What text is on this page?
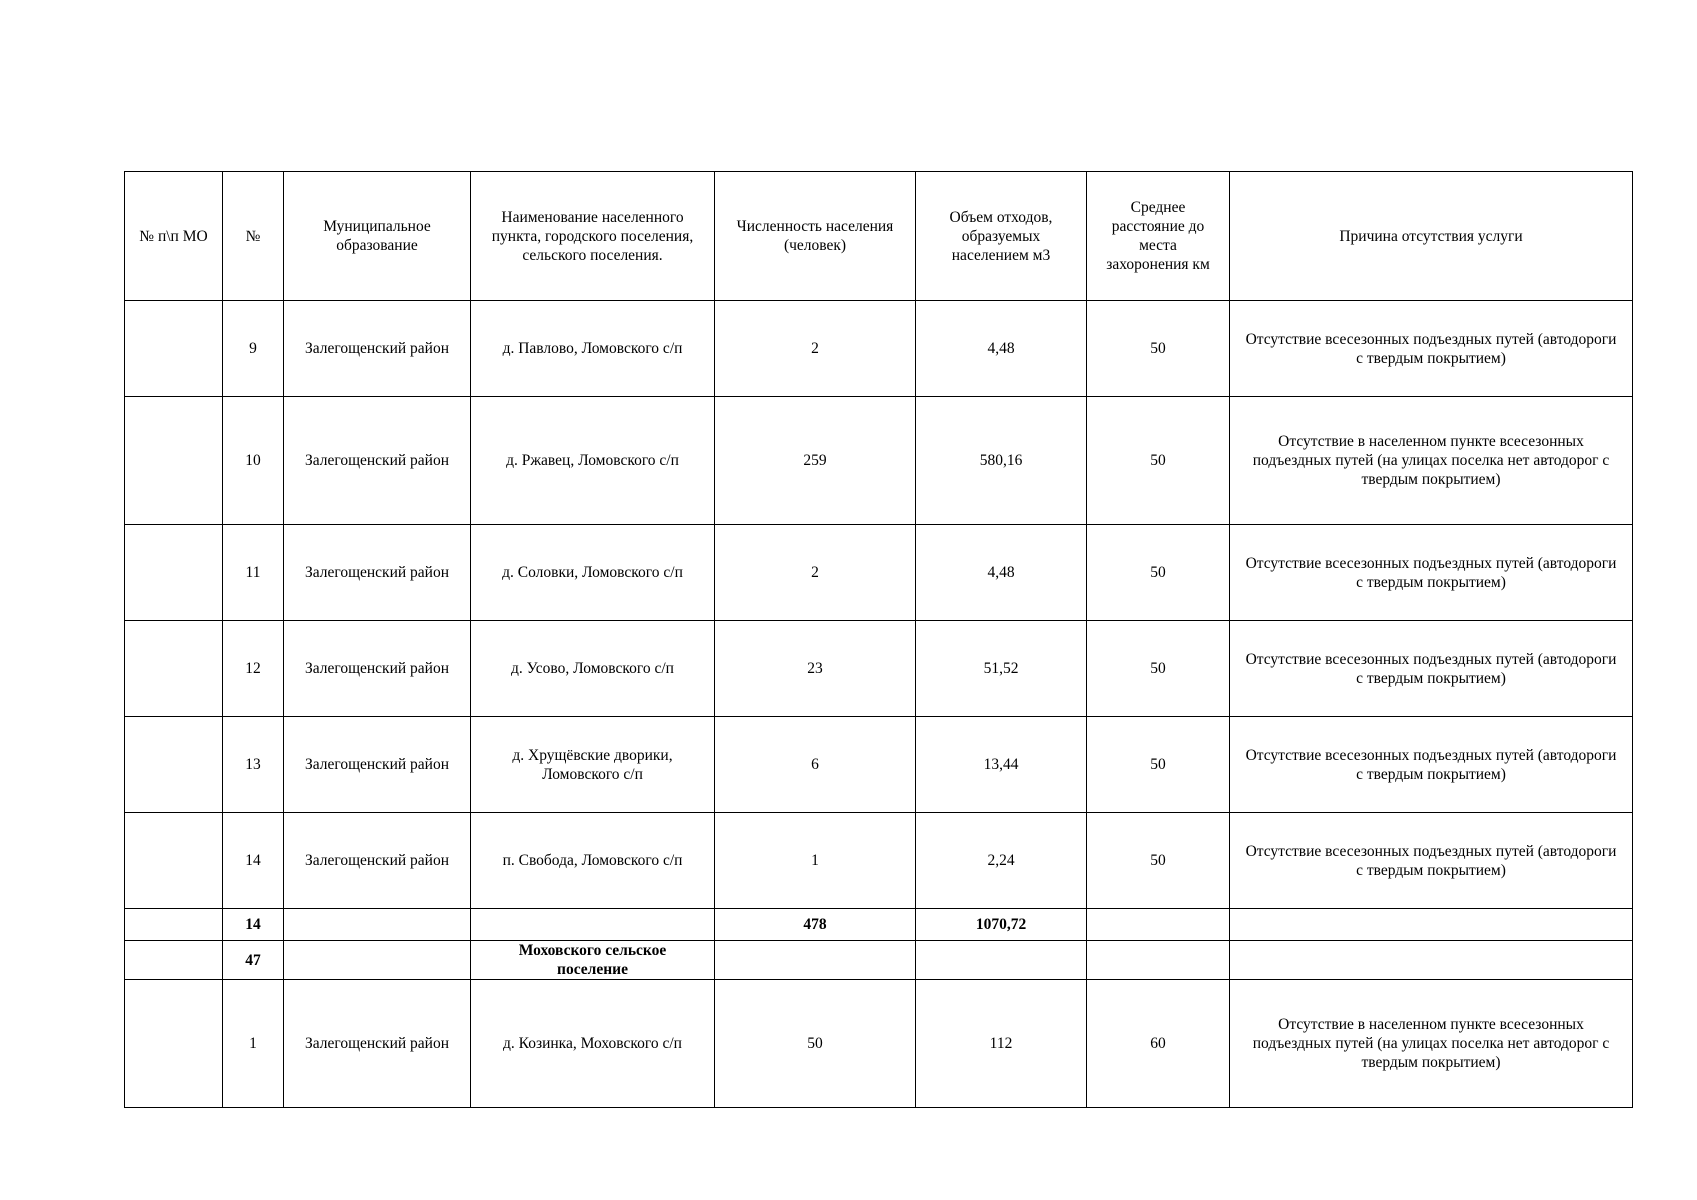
№ п\п МО	№	Муниципальное образование	Наименование населенного пункта, городского поселения, сельского поселения.	Численность населения (человек)	Объем отходов, образуемых населением м3	Среднее расстояние до места захоронения км	Причина отсутствия услуги
	9	Залегощенский район	д. Павлово, Ломовского с/п	2	4,48	50	Отсутствие всесезонных подъездных путей (автодороги с твердым покрытием)
	10	Залегощенский район	д. Ржавец, Ломовского с/п	259	580,16	50	Отсутствие в населенном пункте всесезонных подъездных путей (на улицах поселка нет автодорог с твердым покрытием)
	11	Залегощенский район	д. Соловки, Ломовского с/п	2	4,48	50	Отсутствие всесезонных подъездных путей (автодороги с твердым покрытием)
	12	Залегощенский район	д. Усово, Ломовского с/п	23	51,52	50	Отсутствие всесезонных подъездных путей (автодороги с твердым покрытием)
	13	Залегощенский район	д. Хрущёвские дворики, Ломовского с/п	6	13,44	50	Отсутствие всесезонных подъездных путей (автодороги с твердым покрытием)
	14	Залегощенский район	п. Свобода, Ломовского с/п	1	2,24	50	Отсутствие всесезонных подъездных путей (автодороги с твердым покрытием)
	14			478	1070,72		
	47		Моховского сельское поселение				
	1	Залегощенский район	д. Козинка, Моховского с/п	50	112	60	Отсутствие в населенном пункте всесезонных подъездных путей (на улицах поселка нет автодорог с твердым покрытием)
